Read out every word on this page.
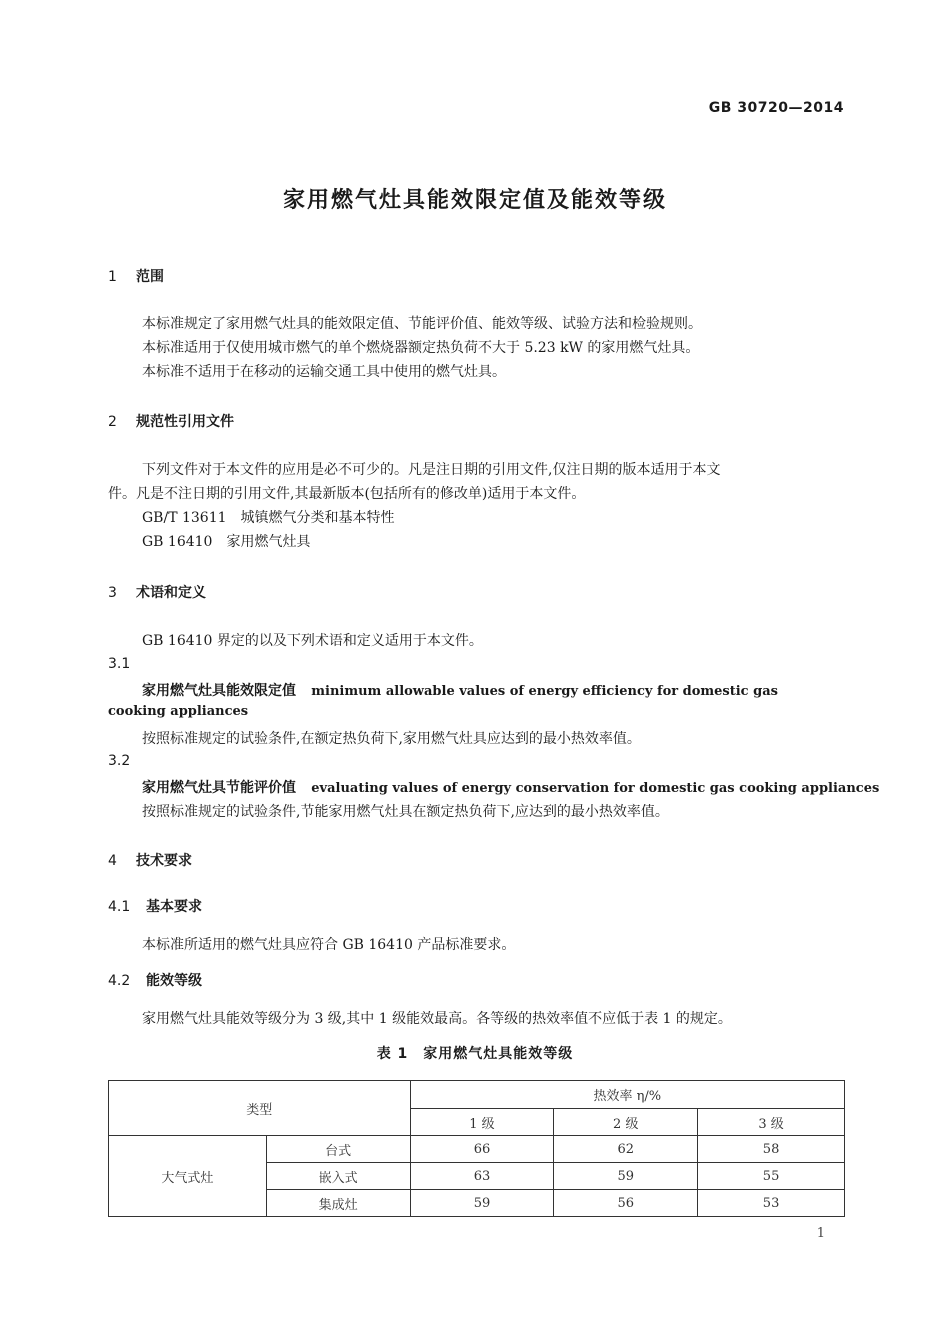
GB 30720—2014
家用燃气灶具能效限定值及能效等级
1 范围
本标准规定了家用燃气灶具的能效限定值、节能评价值、能效等级、试验方法和检验规则。
本标准适用于仅使用城市燃气的单个燃烧器额定热负荷不大于 5.23 kW 的家用燃气灶具。
本标准不适用于在移动的运输交通工具中使用的燃气灶具。
2 规范性引用文件
下列文件对于本文件的应用是必不可少的。凡是注日期的引用文件,仅注日期的版本适用于本文
件。凡是不注日期的引用文件,其最新版本(包括所有的修改单)适用于本文件。
GB/T 13611　城镇燃气分类和基本特性
GB 16410　家用燃气灶具
3 术语和定义
GB 16410 界定的以及下列术语和定义适用于本文件。
3.1
家用燃气灶具能效限定值 minimum allowable values of energy efficiency for domestic gas
cooking appliances
按照标准规定的试验条件,在额定热负荷下,家用燃气灶具应达到的最小热效率值。
3.2
家用燃气灶具节能评价值 evaluating values of energy conservation for domestic gas cooking appliances
按照标准规定的试验条件,节能家用燃气灶具在额定热负荷下,应达到的最小热效率值。
4 技术要求
4.1 基本要求
本标准所适用的燃气灶具应符合 GB 16410 产品标准要求。
4.2 能效等级
家用燃气灶具能效等级分为 3 级,其中 1 级能效最高。各等级的热效率值不应低于表 1 的规定。
表 1　家用燃气灶具能效等级
类型		热效率 η/%		
		1 级	2 级	3 级
大气式灶	台式	66	62	58
	嵌入式	63	59	55
	集成灶	59	56	53
1
